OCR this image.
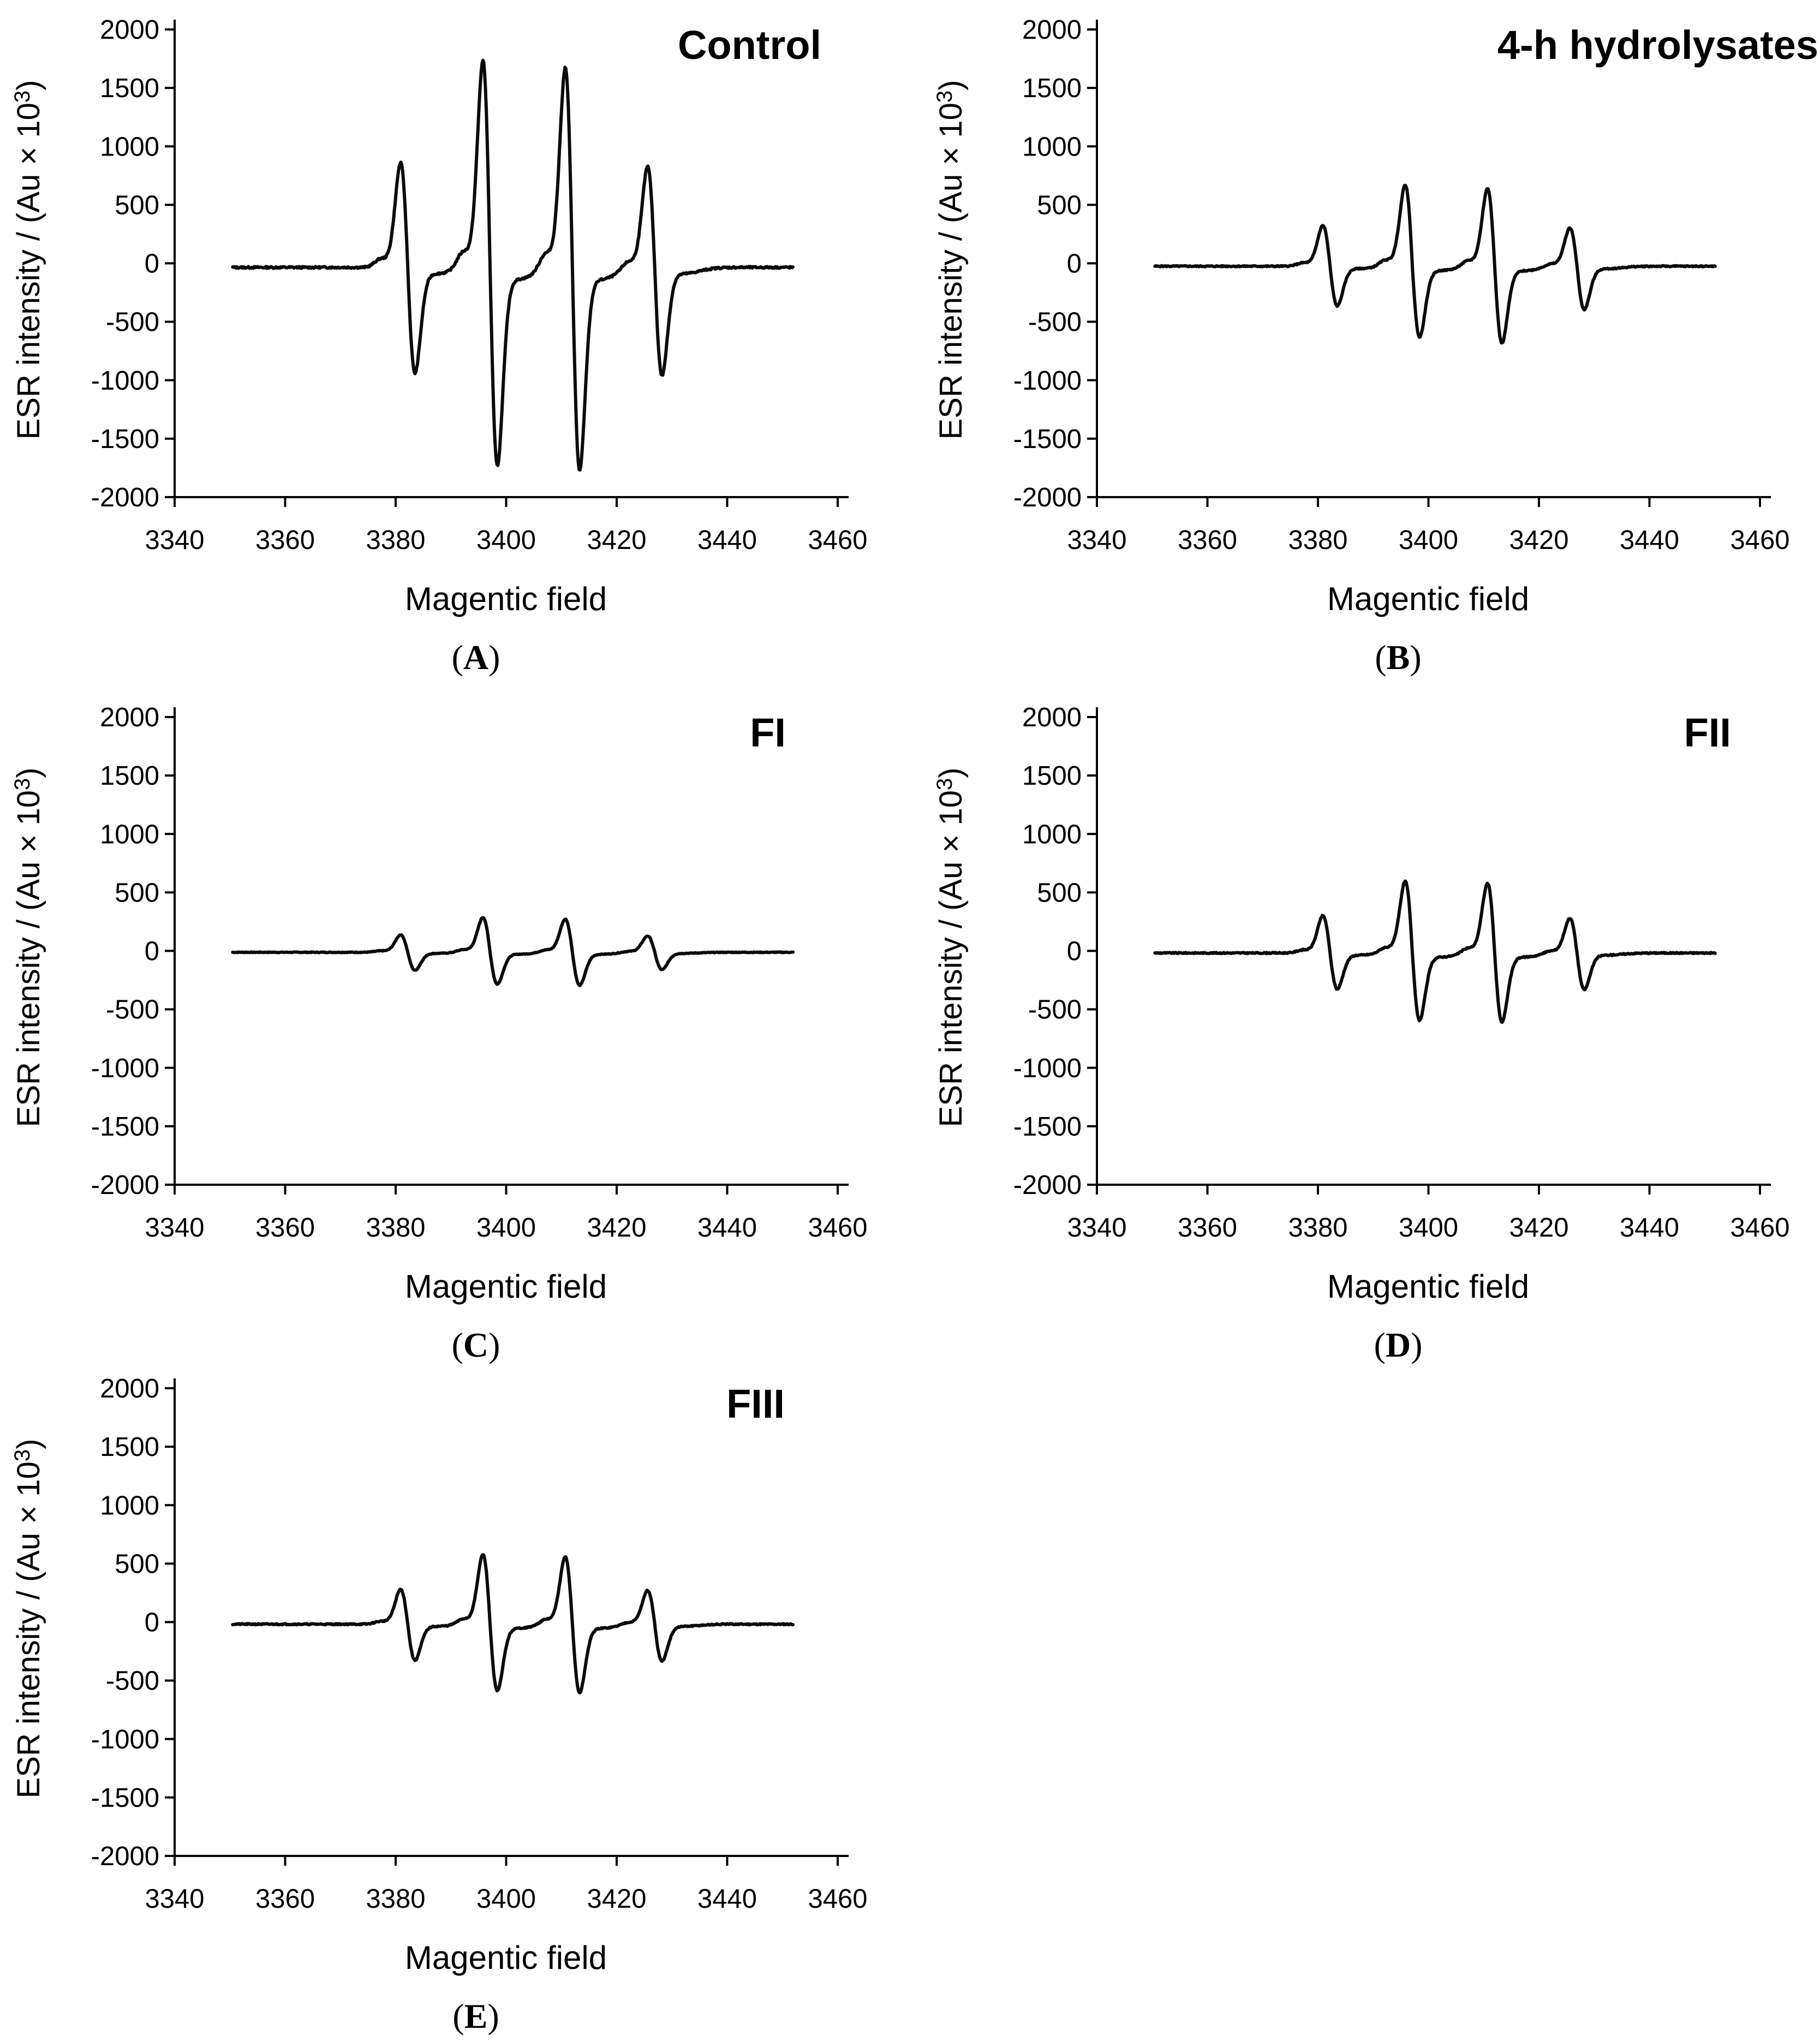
2000
1500
1000
500
0
-500
-1000
-1500
-2000
3340 3360 3380 3400 3420 3440 3460
Control
Magentic field
(A)
ESR intensity / $(Au \times 10^3)$
2000
1500
1000
500
0
-500
-1000
-1500
-2000
3340 3360 3380 3400 3420 3440 3460
4-h hydrolysates
Magentic field
(B)
ESR intensity / $(Au \times 10^3)$
2000
1500
1000
500
0
-500
-1000
-1500
-2000
3340 3360 3380 3400 3420 3440 3460
FI
Magentic field
(C)
ESR intensity / $(Au \times 10^3)$
2000
1500
1000
500
0
-500
-1000
-1500
-2000
3340 3360 3380 3400 3420 3440 3460
FII
Magentic field
(D)
ESR intensity / $(Au \times 10^3)$
2000
1500
1000
500
0
-500
-1000
-1500
-2000
3340 3360 3380 3400 3420 3440 3460
FIII
Magentic field
(E)
ESR intensity / $(Au \times 10^3)$
